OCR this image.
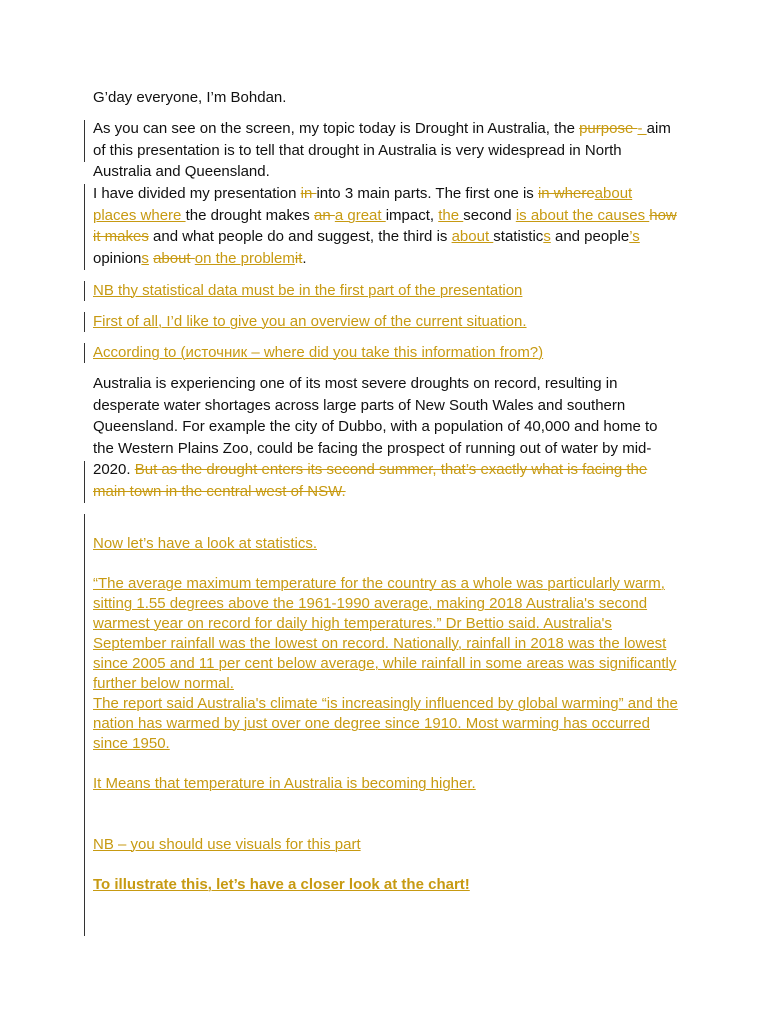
G’day everyone, I’m Bohdan.

As you can see on the screen, my topic today is Drought in Australia, the purpose - aim of this presentation is to tell that drought in Australia is very widespread in North Australia and Queensland.

I have divided my presentation in into 3 main parts. The first one is in whereabout places where the drought makes an a great impact, the second is about the causes how it makes and what people do and suggest, the third is about statistics and people’s opinions about on the problemit.

NB thy statistical data must be in the first part of the presentation

First of all, I’d like to give you an overview of the current situation.

According to (источник – where did you take this information from?)

Australia is experiencing one of its most severe droughts on record, resulting in desperate water shortages across large parts of New South Wales and southern Queensland. For example the city of Dubbo, with a population of 40,000 and home to the Western Plains Zoo, could be facing the prospect of running out of water by mid- 2020. But as the drought enters its second summer, that’s exactly what is facing the main town in the central west of NSW.

Now let’s have a look at statistics.

“The average maximum temperature for the country as a whole was particularly warm, sitting 1.55 degrees above the 1961-1990 average, making 2018 Australia's second warmest year on record for daily high temperatures.” Dr Bettio said. Australia's September rainfall was the lowest on record. Nationally, rainfall in 2018 was the lowest since 2005 and 11 per cent below average, while rainfall in some areas was significantly further below normal.
The report said Australia's climate “is increasingly influenced by global warming” and the nation has warmed by just over one degree since 1910. Most warming has occurred since 1950.

It Means that temperature in Australia is becoming higher.

NB – you should use visuals for this part

To illustrate this, let’s have a closer look at the chart!
